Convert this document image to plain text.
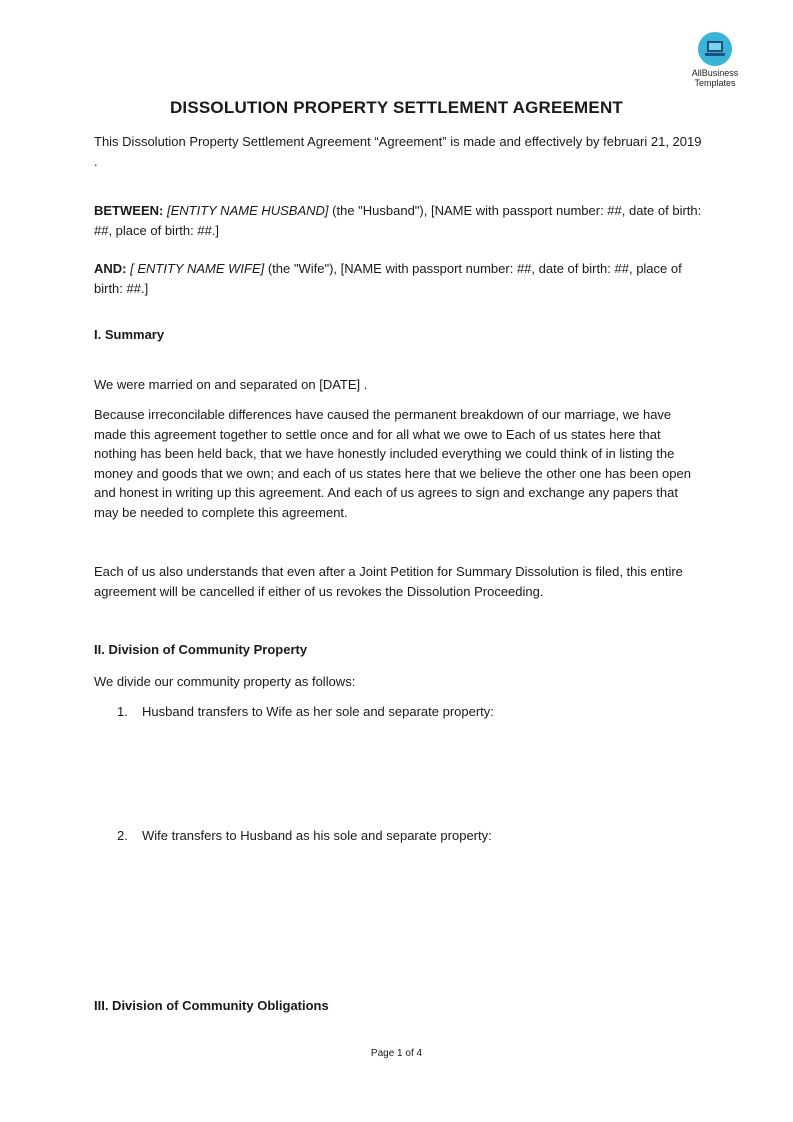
AllBusiness
Templates
DISSOLUTION PROPERTY SETTLEMENT AGREEMENT
This Dissolution Property Settlement Agreement “Agreement” is made and effectively by februari 21, 2019 .
BETWEEN: [ENTITY NAME HUSBAND] (the "Husband"), [NAME with passport number: ##, date of birth: ##, place of birth: ##.]
AND: [ ENTITY NAME WIFE] (the "Wife"), [NAME with passport number: ##, date of birth: ##, place of birth: ##.]
I. Summary
We were married on and separated on [DATE] .
Because irreconcilable differences have caused the permanent breakdown of our marriage, we have made this agreement together to settle once and for all what we owe to Each of us states here that nothing has been held back, that we have honestly included everything we could think of in listing the money and goods that we own; and each of us states here that we believe the other one has been open and honest in writing up this agreement. And each of us agrees to sign and exchange any papers that may be needed to complete this agreement.
Each of us also understands that even after a Joint Petition for Summary Dissolution is filed, this entire agreement will be cancelled if either of us revokes the Dissolution Proceeding.
II. Division of Community Property
We divide our community property as follows:
1. Husband transfers to Wife as her sole and separate property:
2. Wife transfers to Husband as his sole and separate property:
III. Division of Community Obligations
Page 1 of 4
